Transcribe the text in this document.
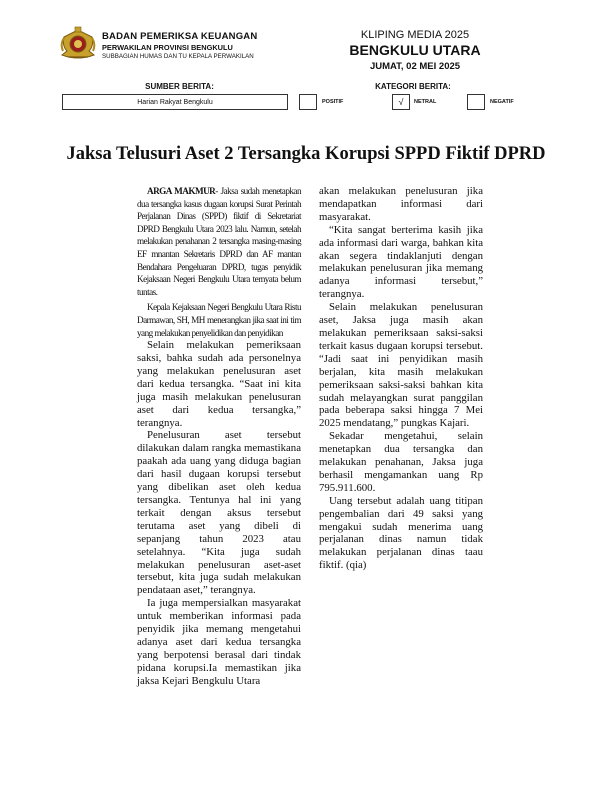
BADAN PEMERIKSA KEUANGAN
PERWAKILAN PROVINSI BENGKULU
SUBBAGIAN HUMAS DAN TU KEPALA PERWAKILAN
KLIPING MEDIA 2025
BENGKULU UTARA
JUMAT, 02 MEI 2025
SUMBER BERITA:	KATEGORI BERITA:
Harian Rakyat Bengkulu	POSITIF	√	NETRAL	NEGATIF
Jaksa Telusuri Aset 2 Tersangka Korupsi SPPD Fiktif DPRD

ARGA MAKMUR- Jaksa sudah menetapkan dua tersangka kasus dugaan korupsi Surat Perintah Perjalanan Dinas (SPPD) fiktif di Sekretariat DPRD Bengkulu Utara 2023 lalu. Namun, setelah melakukan penahanan 2 tersangka masing-masing EF mnantan Sekretaris DPRD dan AF mantan Bendahara Pengeluaran DPRD, tugas penyidik Kejaksaan Negeri Bengkulu Utara ternyata belum tuntas.

Kepala Kejaksaan Negeri Bengkulu Utara Ristu Darmawan, SH, MH menerangkan jika saat ini tim yang melakukan penyelidikan dan penyidikan

Selain melakukan pemeriksaan saksi, bahka sudah ada personelnya yang melakukan penelusuran aset dari kedua tersangka. “Saat ini kita juga masih melakukan penelusuran aset dari kedua tersangka,” terangnya.

Penelusuran aset tersebut dilakukan dalam rangka memastikana paakah ada uang yang diduga bagian dari hasil dugaan korupsi tersebut yang dibelikan aset oleh kedua tersangka. Tentunya hal ini yang terkait dengan aksus tersebut terutama aset yang dibeli di sepanjang tahun 2023 atau setelahnya. “Kita juga sudah melakukan penelusuran aset-aset tersebut, kita juga sudah melakukan pendataan aset,” terangnya.

Ia juga mempersialkan masyarakat untuk memberikan informasi pada penyidik jika memang mengetahui adanya aset dari kedua tersangka yang berpotensi berasal dari tindak pidana korupsi.Ia memastikan jika jaksa Kejari Bengkulu Utara

akan melakukan penelusuran jika mendapatkan informasi dari masyarakat.

“Kita sangat berterima kasih jika ada informasi dari warga, bahkan kita akan segera tindaklanjuti dengan melakukan penelusuran jika memang adanya informasi tersebut,” terangnya.

Selain melakukan penelusuran aset, Jaksa juga masih akan melakukan pemeriksaan saksi-saksi terkait kasus dugaan korupsi tersebut. “Jadi saat ini penyidikan masih berjalan, kita masih melakukan pemeriksaan saksi-saksi bahkan kita sudah melayangkan surat panggilan pada beberapa saksi hingga 7 Mei 2025 mendatang,” pungkas Kajari.

Sekadar mengetahui, selain menetapkan dua tersangka dan melakukan penahanan, Jaksa juga berhasil mengamankan uang Rp 795.911.600.

Uang tersebut adalah uang titipan pengembalian dari 49 saksi yang mengakui sudah menerima uang perjalanan dinas namun tidak melakukan perjalanan dinas taau fiktif. (qia)
